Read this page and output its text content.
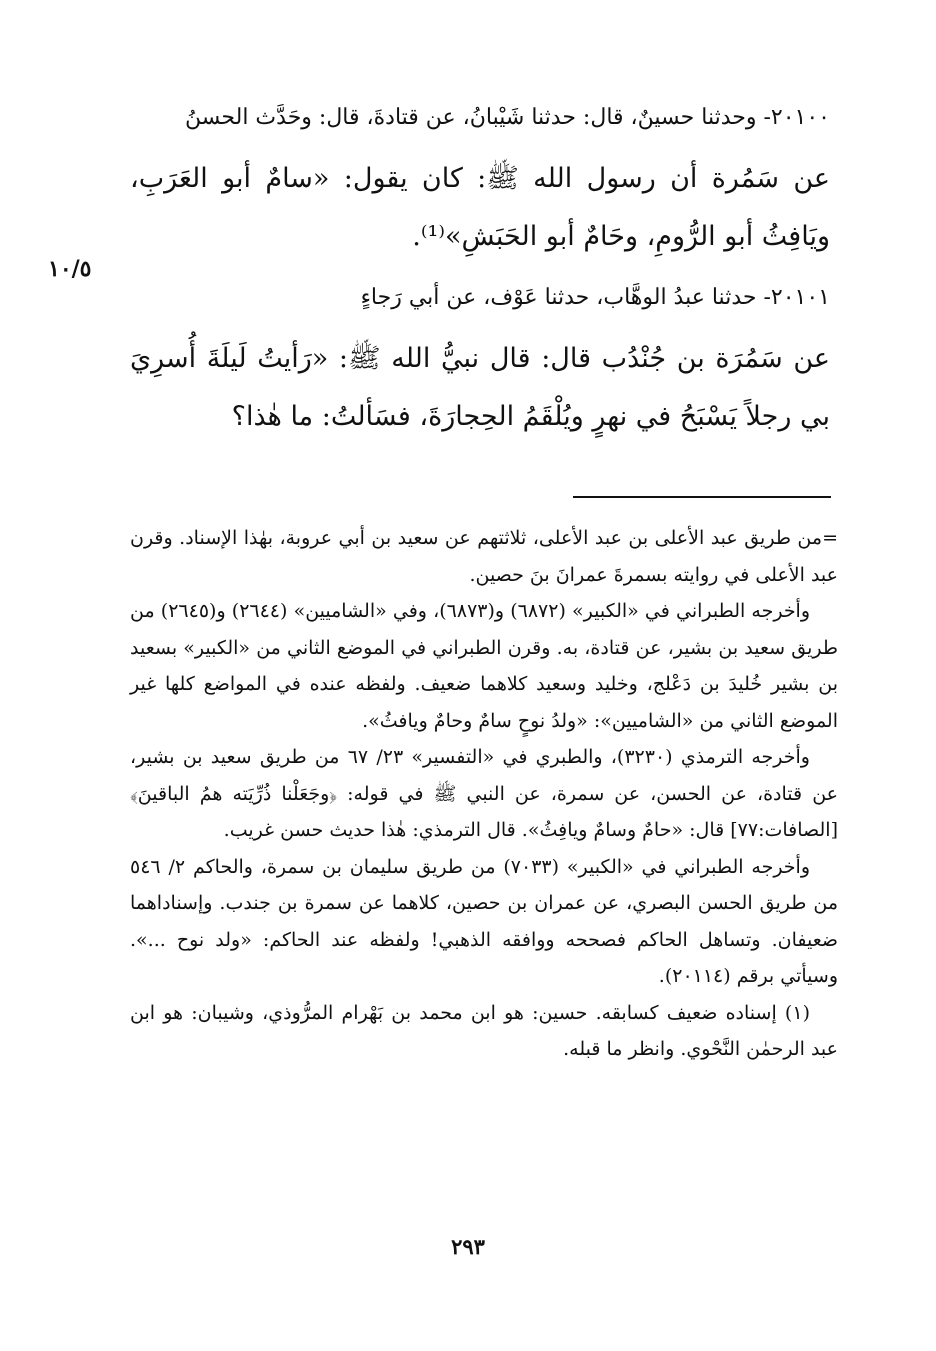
١٠/٥

٢٠١٠٠- وحدثنا حسينٌ، قال: حدثنا شَيْبانُ، عن قتادةَ، قال: وحَدَّث الحسنُ

عن سَمُرة أن رسول الله ﷺ: كان يقول: «سامٌ أبو العَرَبِ، ويَافِثُ أبو الرُّومِ، وحَامٌ أبو الحَبَشِ»⁽¹⁾.

٢٠١٠١- حدثنا عبدُ الوهَّاب، حدثنا عَوْف، عن أبي رَجاءٍ

عن سَمُرَة بن جُنْدُب قال: قال نبيُّ الله ﷺ: «رَأيتُ لَيلَةَ أُسرِيَ بي رجلاً يَسْبَحُ في نهرٍ ويُلْقَمُ الحِجارَةَ، فسَألتُ: ما هٰذا؟

=من طريق عبد الأعلى بن عبد الأعلى، ثلاثتهم عن سعيد بن أبي عروبة، بهٰذا الإسناد. وقرن عبد الأعلى في روايته بسمرةَ عمرانَ بنَ حصين.

وأخرجه الطبراني في «الكبير» (٦٨٧٢) و(٦٨٧٣)، وفي «الشاميين» (٢٦٤٤) و(٢٦٤٥) من طريق سعيد بن بشير، عن قتادة، به. وقرن الطبراني في الموضع الثاني من «الكبير» بسعيد بن بشير خُليدَ بن دَعْلج، وخليد وسعيد كلاهما ضعيف. ولفظه عنده في المواضع كلها غير الموضع الثاني من «الشاميين»: «ولدُ نوحٍ سامٌ وحامٌ ويافثُ».

وأخرجه الترمذي (٣٢٣٠)، والطبري في «التفسير» ٢٣/ ٦٧ من طريق سعيد بن بشير، عن قتادة، عن الحسن، عن سمرة، عن النبي ﷺ في قوله: ﴿وجَعَلْنا ذُرِّيَته همُ الباقينَ﴾ [الصافات:٧٧] قال: «حامٌ وسامٌ ويافِثُ». قال الترمذي: هٰذا حديث حسن غريب.

وأخرجه الطبراني في «الكبير» (٧٠٣٣) من طريق سليمان بن سمرة، والحاكم ٢/ ٥٤٦ من طريق الحسن البصري، عن عمران بن حصين، كلاهما عن سمرة بن جندب. وإسناداهما ضعيفان. وتساهل الحاكم فصححه ووافقه الذهبي! ولفظه عند الحاكم: «ولد نوح ...». وسيأتي برقم (٢٠١١٤).

(١) إسناده ضعيف كسابقه. حسين: هو ابن محمد بن بَهْرام المرُّوذي، وشيبان: هو ابن عبد الرحمٰن النَّحْوي. وانظر ما قبله.

٢٩٣
